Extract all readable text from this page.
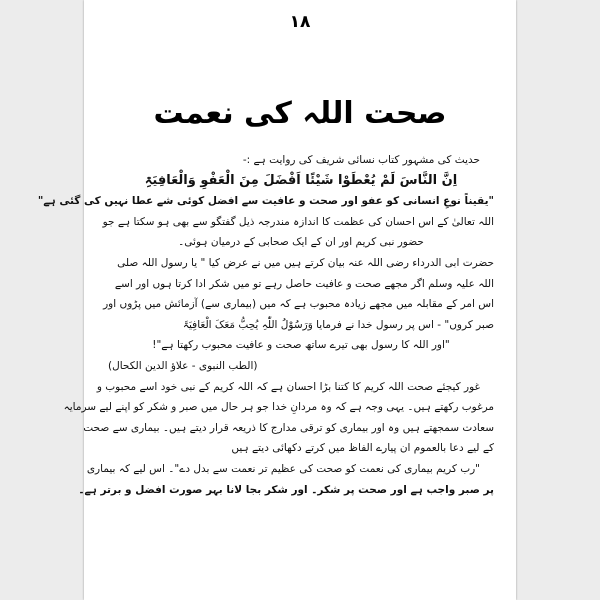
۱۸
صحت اللہ کی نعمت
حدیث کی مشہور کتاب نسائی شریف کی روایت ہے :-
اِنَّ النَّاسَ لَمْ یُعْطَوْا شَیْئًا اَفْضَلَ مِنَ الْعَفْوِ وَالْعَافِیَۃِ
"یقیناً نوعِ انسانی کو عفو اور صحت و عافیت سے افضل کوئی شے عطا نہیں کی گئی ہے"
اللہ تعالیٰ کے اس احسان کی عظمت کا اندازہ مندرجہ ذیل گفتگو سے بھی ہو سکتا ہے جو
حضور نبی کریم اور ان کے ایک صحابی کے درمیان ہوئی۔
حضرت ابی الدرداء رضی اللہ عنہ بیان کرتے ہیں میں نے عرض کیا " یا رسول اللہ صلی
اللہ علیہ وسلم اگر مجھے صحت و عافیت حاصل رہے تو میں شکر ادا کرتا ہوں اور اسے
اس امر کے مقابلہ میں مجھے زیادہ محبوب ہے کہ میں (بیماری سے) آزمائش میں پڑوں اور
صبر کروں" - اس پر رسول خدا نے فرمایا وَرَسُوْلُ اللّٰہِ یُحِبُّ مَعَکَ الْعَافِیَۃَ
"اور اللہ کا رسول بھی تیرے ساتھ صحت و عافیت محبوب رکھتا ہے"!
(الطب النبوی - علاؤ الدین الکحال)
غور کیجئے صحت اللہ کریم کا کتنا بڑا احسان ہے کہ اللہ کریم کے نبی خود اسے محبوب و
مرغوب رکھتے ہیں۔ یہی وجہ ہے کہ وہ مردانِ خدا جو ہر حال میں صبر و شکر کو اپنے لیے سرمایہ
سعادت سمجھتے ہیں وہ اور بیماری کو ترقی مدارج کا ذریعہ قرار دیتے ہیں۔ بیماری سے صحت
کے لیے دعا بالعموم ان پیارے الفاظ میں کرتے دکھائی دیتے ہیں
"رب کریم بیماری کی نعمت کو صحت کی عظیم تر نعمت سے بدل دے"۔ اس لیے کہ بیماری
پر صبر واجب ہے اور صحت پر شکر۔ اور شکر بجا لانا بہر صورت افضل و برتر ہے۔
